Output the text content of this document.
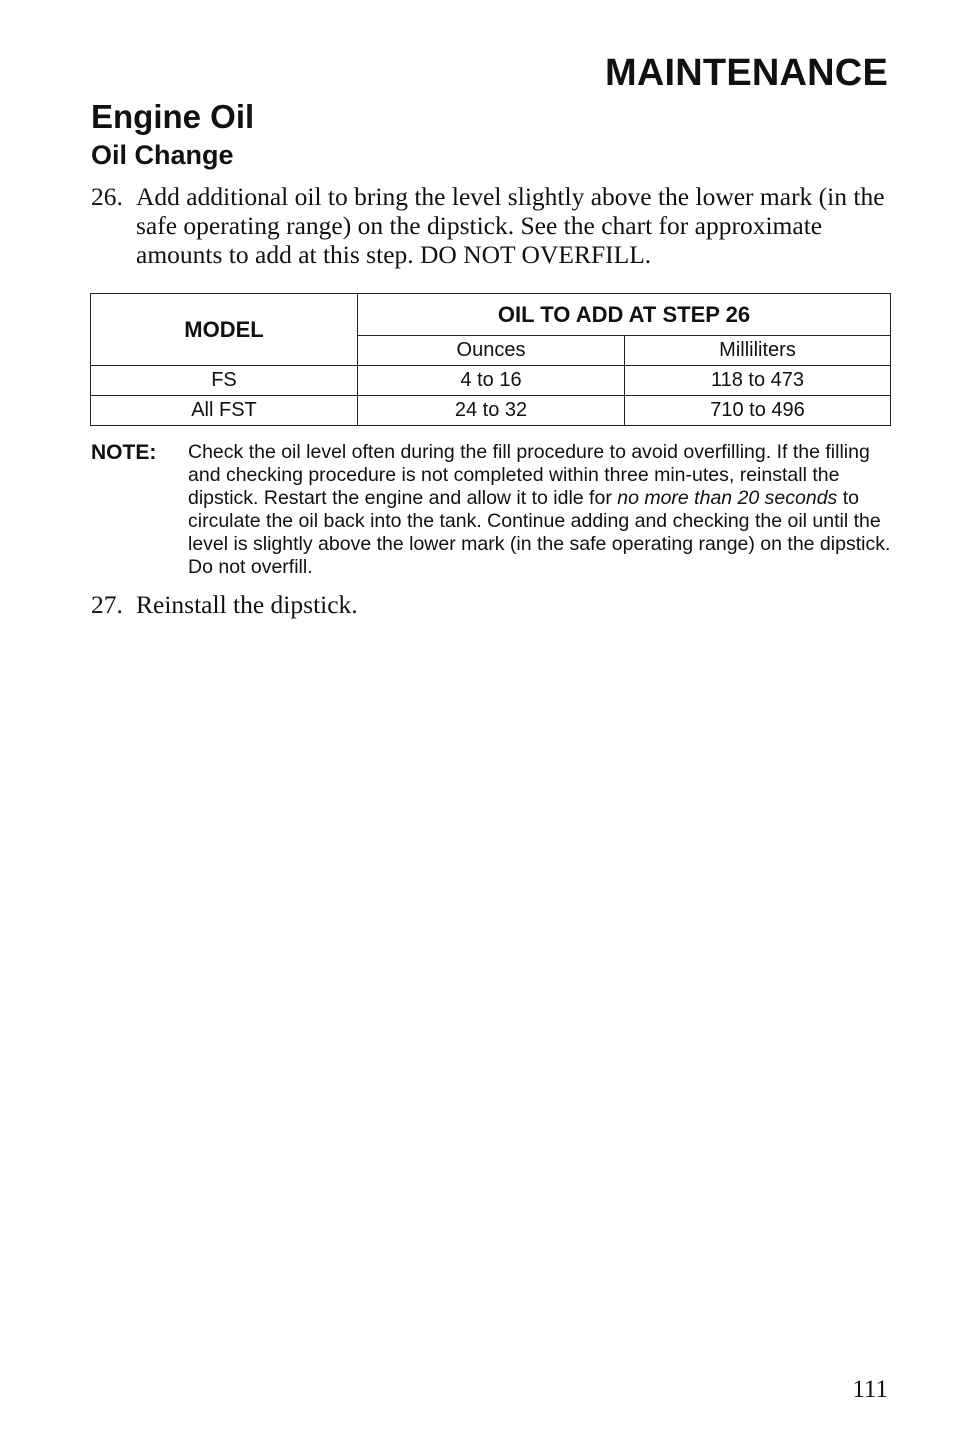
MAINTENANCE
Engine Oil
Oil Change
26. Add additional oil to bring the level slightly above the lower mark (in the safe operating range) on the dipstick. See the chart for approximate amounts to add at this step. DO NOT OVERFILL.
MODEL	OIL TO ADD AT STEP 26	
	Ounces	Milliliters
FS	4 to 16	118 to 473
All FST	24 to 32	710 to 496
NOTE: Check the oil level often during the fill procedure to avoid overfilling. If the filling and checking procedure is not completed within three min-utes, reinstall the dipstick. Restart the engine and allow it to idle for no more than 20 seconds to circulate the oil back into the tank. Continue adding and checking the oil until the level is slightly above the lower mark (in the safe operating range) on the dipstick. Do not overfill.
27. Reinstall the dipstick.
111
